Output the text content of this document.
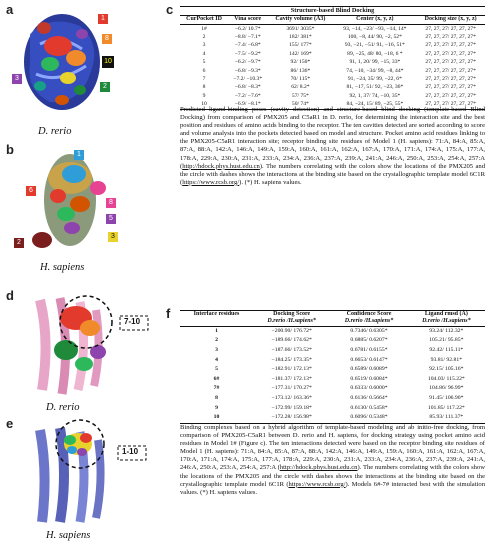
a
1
8
10
3
2
D. rerio
b	1
6
8
5
3
2
H. sapiens
c	Structure-based Blind Docking				
CurPocket ID	Vina score	Cavity volume (Å3)	Center (x, y, z)	Docking size (x, y, z)
1#	−6.2/ 10.7*	3691/ 3035*	93, −14, −23/ −93, −14, 14*	27, 27, 27/ 27, 27, 27*
2	−8.8/ −7.1*	182/ 381*	100, −8, 44/ 90, −2, 52*	27, 27, 27/ 27, 27, 27*
3	−7.4/ −6.8*	155/ 177*	93, −21, −51/ 91, −16, 51*	27, 27, 27/ 27, 27, 27*
4	−7.5/ −9.2*	142/ 169*	89, −25, 48/ 80, −18, 6 *	27, 27, 27/ 27, 27, 27*
5	−6.2/ −9.7*	92/ 150*	91, 1, 20/ 99, −15, 33*	27, 27, 27/ 27, 27, 27*
6	−6.8/ −9.3*	86/ 136*	74, −10, −34/ 99, −8, 44*	27, 27, 27/ 27, 27, 27*
7	−7.2/ −10.3*	70/ 115*	91, −24, 35/ 99, −22, 6*	27, 27, 27/ 27, 27, 27*
8	−6.8/ −8.3*	62/ 8.2*	81, −17, 51/ 92, −23, 36*	27, 27, 27/ 27, 27, 27*
9	−7.2/ −7.6*	57/ 75*	92, 1, 37/ 74, −10, 35*	27, 27, 27/ 27, 27, 27*
10	−6.9/ −8.1*	50/ 74*	84, −24, 15/ 89, −25, 55*	27, 27, 27/ 27, 27, 27*
Predicted ligand-binding poses (cavity detection) and structure-based blind docking (template-based Blind Docking) from comparison of PMX205 and C5aR1 in D. rerio, for determining the interaction site and the best position and residues of amino acids binding to the receptor. The ten cavities detected are sorted according to score and volume analysis into the pockets detected based on model and structure. Pocket amino acid residues linking to the PMX205-C5aR1 interaction site; receptor binding site residues of Model 1 (H. sapiens): 71:A, 84:A, 85:A, 87:A, 88:A, 142:A, 146:A, 149:A, 159:A, 160:A, 161:A, 162:A, 167:A, 170:A, 171:A, 174:A, 175:A, 177:A, 178:A, 229:A, 230:A, 231:A, 233:A, 234:A, 236:A, 237:A, 239:A, 241:A, 246:A, 250:A, 253:A, 254:A, 257:A (http://hdock.phys.hust.edu.cn). The numbers correlating with the colors show the locations of the PMX205 and the circle with dashes shows the interactions at the binding site based on the crystallographic template model 6C1R (https://www.rcsb.org/). (*) H. sapiens values.
d
7-10
D. rerio
e
1-10
H. sapiens
f	Interface residues	Docking Score	Confidence Score	Ligand rmsd (Å)
	D.rerio /H.sapiens*	D.rerio /H.sapiens*	D.rerio /H.sapiens*
1	−200.90/ 176.72*	0.7346/ 0.6305*	93.24/ 112.32*
2	−189.66/ 174.62*	0.6885/ 0.6207*	105.21/ 95.85*
3	−187.66/ 173.52*	0.6781/ 0.6155*	92.42/ 115.11*
4	−184.25/ 173.35*	0.6653/ 0.6147*	93.81/ 92.81*
5	−182.91/ 172.13*	0.6589/ 0.6089*	92.15/ 105.16*
6#	−181.37/ 172.13*	0.6519/ 0.6084*	104.03/ 115.22*
7#	−177.31/ 170.27*	0.6333/ 0.6000*	104.86/ 96.99*
8	−173.12/ 163.36*	0.6136/ 0.5664*	91.45/ 106.90*
9	−172.99/ 159.18*	0.6130/ 0.5458*	101.85/ 117.22*
10	−172.28/ 156.98*	0.6096/ 0.5348*	85.93/ 111.37*
Binding complexes based on a hybrid algorithm of template-based modeling and ab initio-free docking, from comparison of PMX205-C5aR1 between D. rerio and H. sapiens, for docking strategy using pocket amino acid residues in Model 1# (Figure c). The ten interactions detected were based on the receptor binding site residues of Model 1 (H. sapiens): 71:A, 84:A, 85:A, 87:A, 88:A, 142:A, 146:A, 149:A, 159:A, 160:A, 161:A, 162:A, 167:A, 170:A, 171:A, 174:A, 175:A, 177:A, 178:A, 229:A, 230:A, 231:A, 233:A, 234:A, 236:A, 237:A, 239:A, 241:A, 246:A, 250:A, 253:A, 254:A, 257:A (http://hdock.phys.hust.edu.cn). The numbers correlating with the colors show the locations of the PMX205 and the circle with dashes shows the interactions at the binding site based on the crystallographic template model 6C1R (https://www.rcsb.org/). Models 6#-7# interacted best with the simulation values. (*) H. sapiens values.
